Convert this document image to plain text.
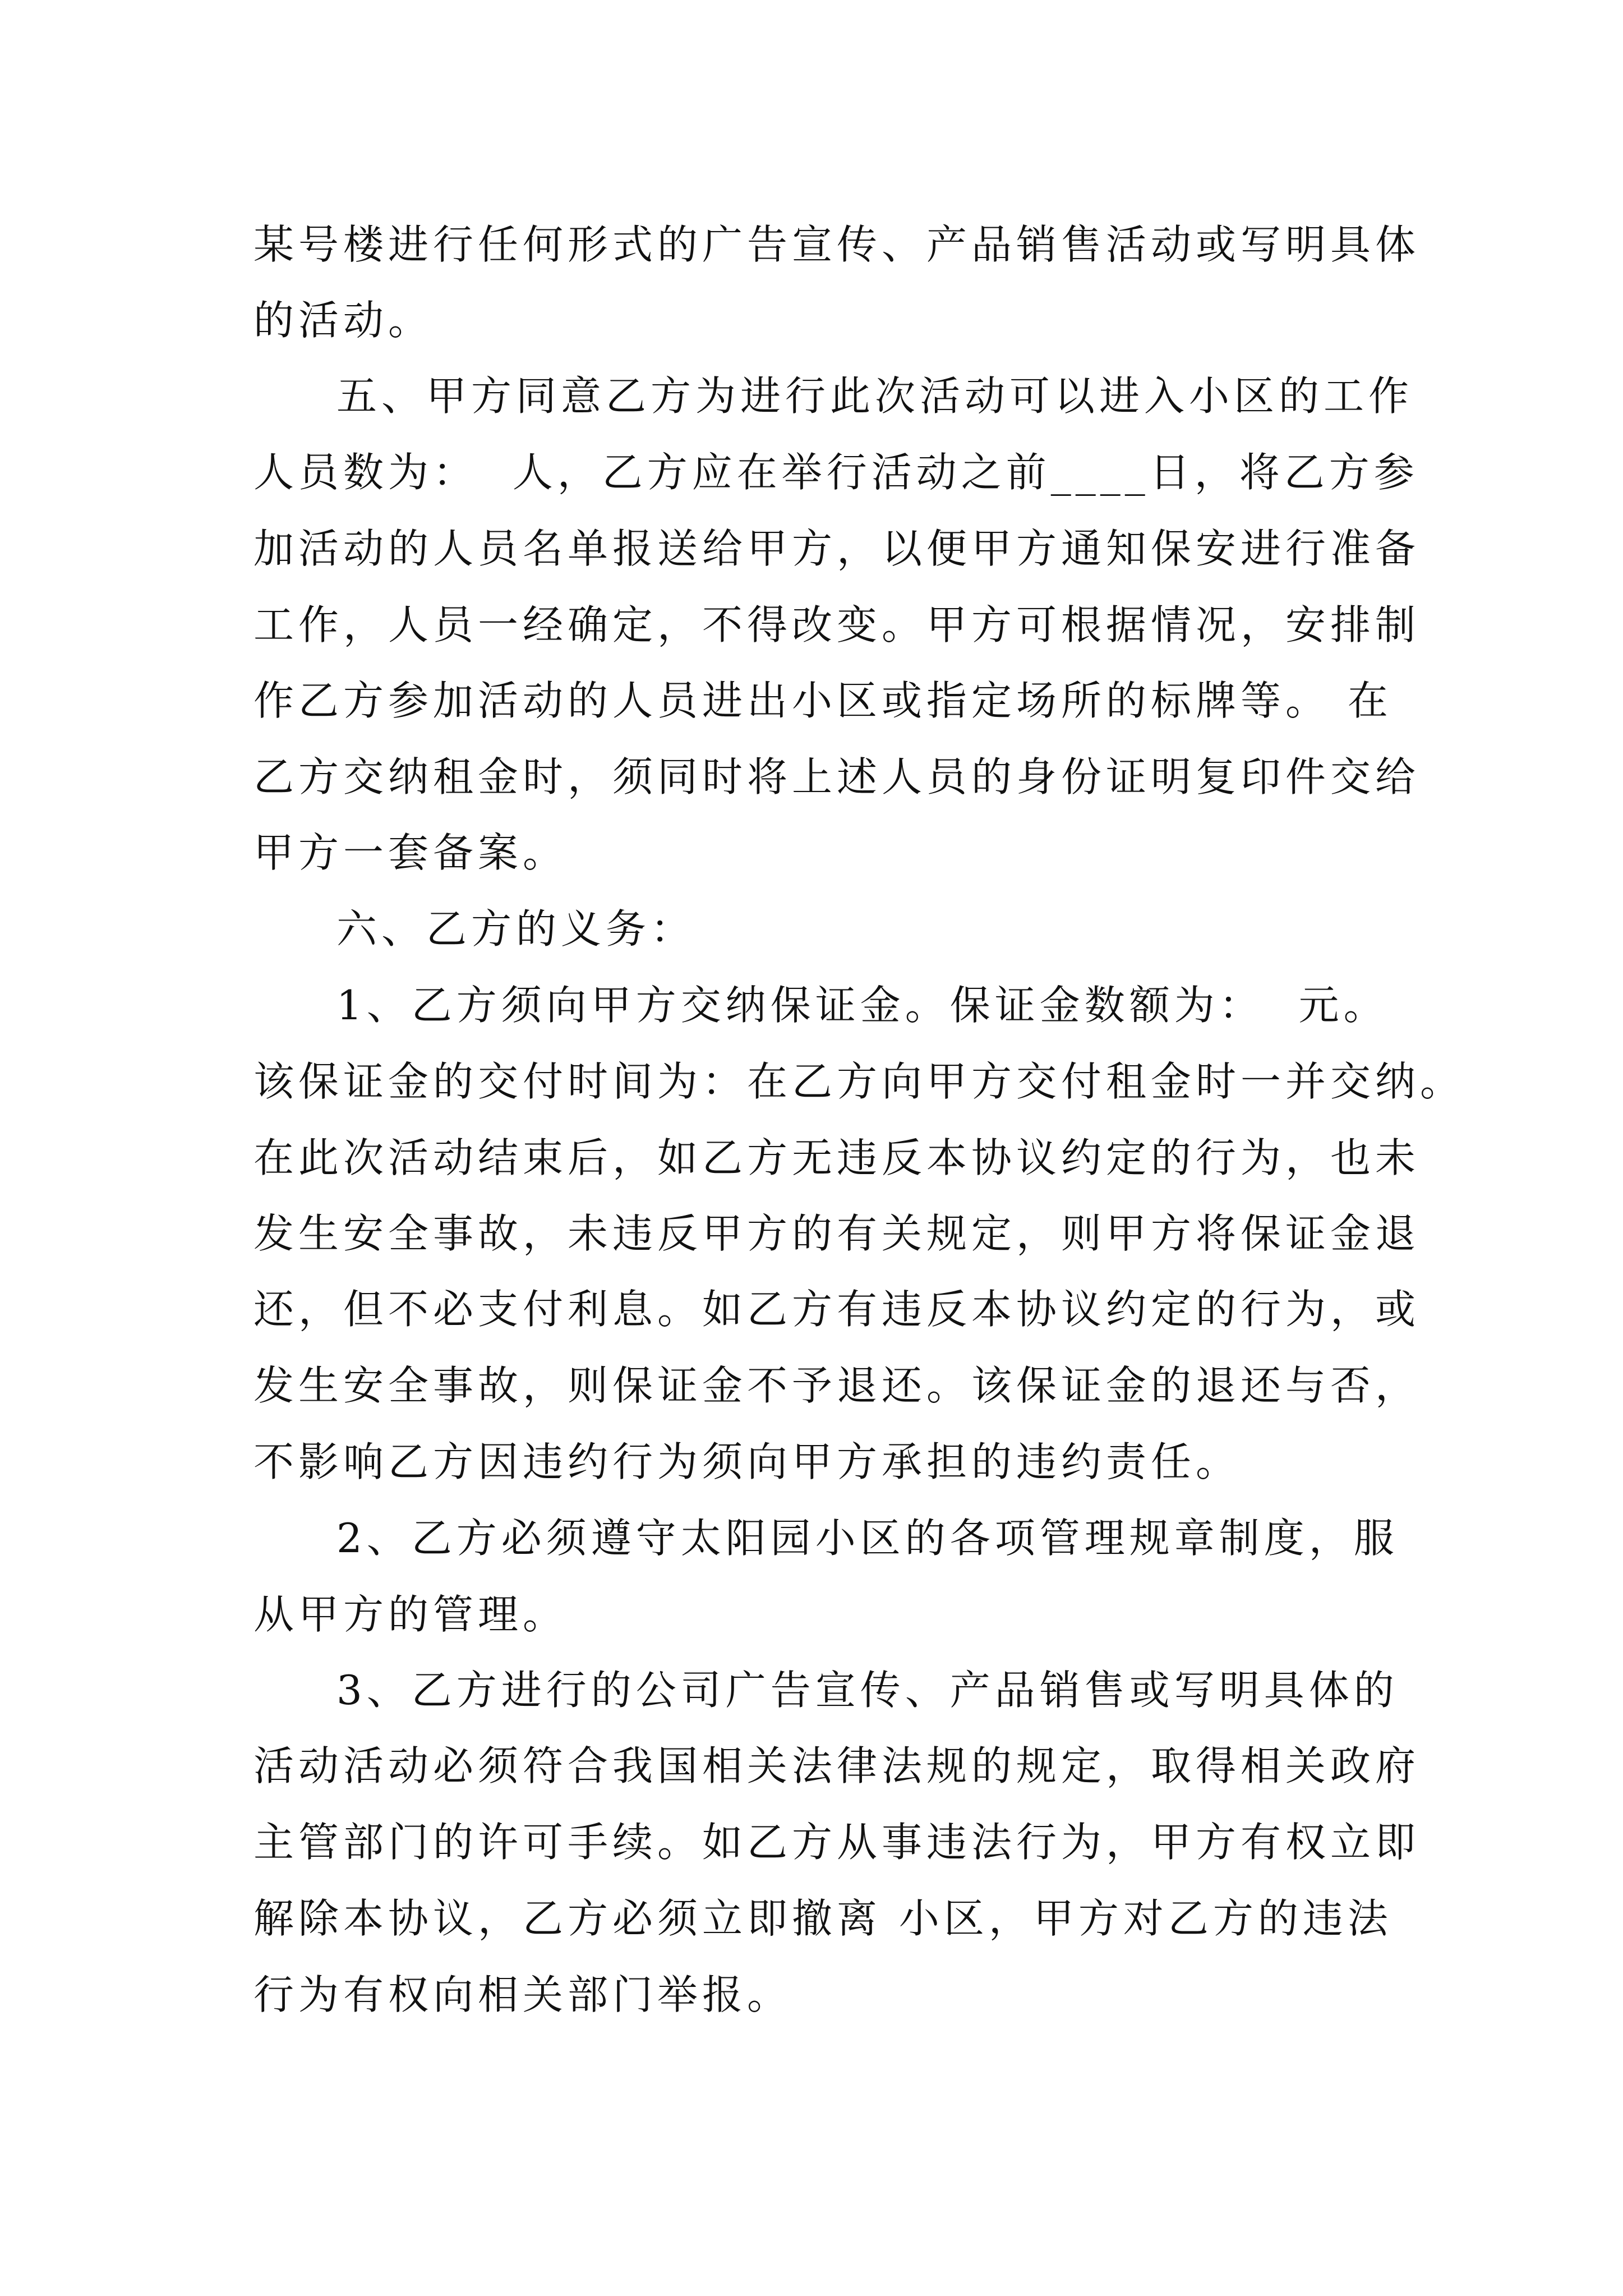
某号楼进行任何形式的广告宣传、产品销售活动或写明具体

的活动。

五、甲方同意乙方为进行此次活动可以进入小区的工作

人员数为：  人，乙方应在举行活动之前____日，将乙方参

加活动的人员名单报送给甲方，以便甲方通知保安进行准备

工作，人员一经确定，不得改变。甲方可根据情况，安排制

作乙方参加活动的人员进出小区或指定场所的标牌等。 在

乙方交纳租金时，须同时将上述人员的身份证明复印件交给

甲方一套备案。

六、乙方的义务：

1、乙方须向甲方交纳保证金。保证金数额为：  元。

该保证金的交付时间为：在乙方向甲方交付租金时一并交纳。

在此次活动结束后，如乙方无违反本协议约定的行为，也未

发生安全事故，未违反甲方的有关规定，则甲方将保证金退

还，但不必支付利息。如乙方有违反本协议约定的行为，或

发生安全事故，则保证金不予退还。该保证金的退还与否，

不影响乙方因违约行为须向甲方承担的违约责任。

2、乙方必须遵守太阳园小区的各项管理规章制度，服

从甲方的管理。

3、乙方进行的公司广告宣传、产品销售或写明具体的

活动活动必须符合我国相关法律法规的规定，取得相关政府

主管部门的许可手续。如乙方从事违法行为，甲方有权立即

解除本协议，乙方必须立即撤离 小区，甲方对乙方的违法

行为有权向相关部门举报。
